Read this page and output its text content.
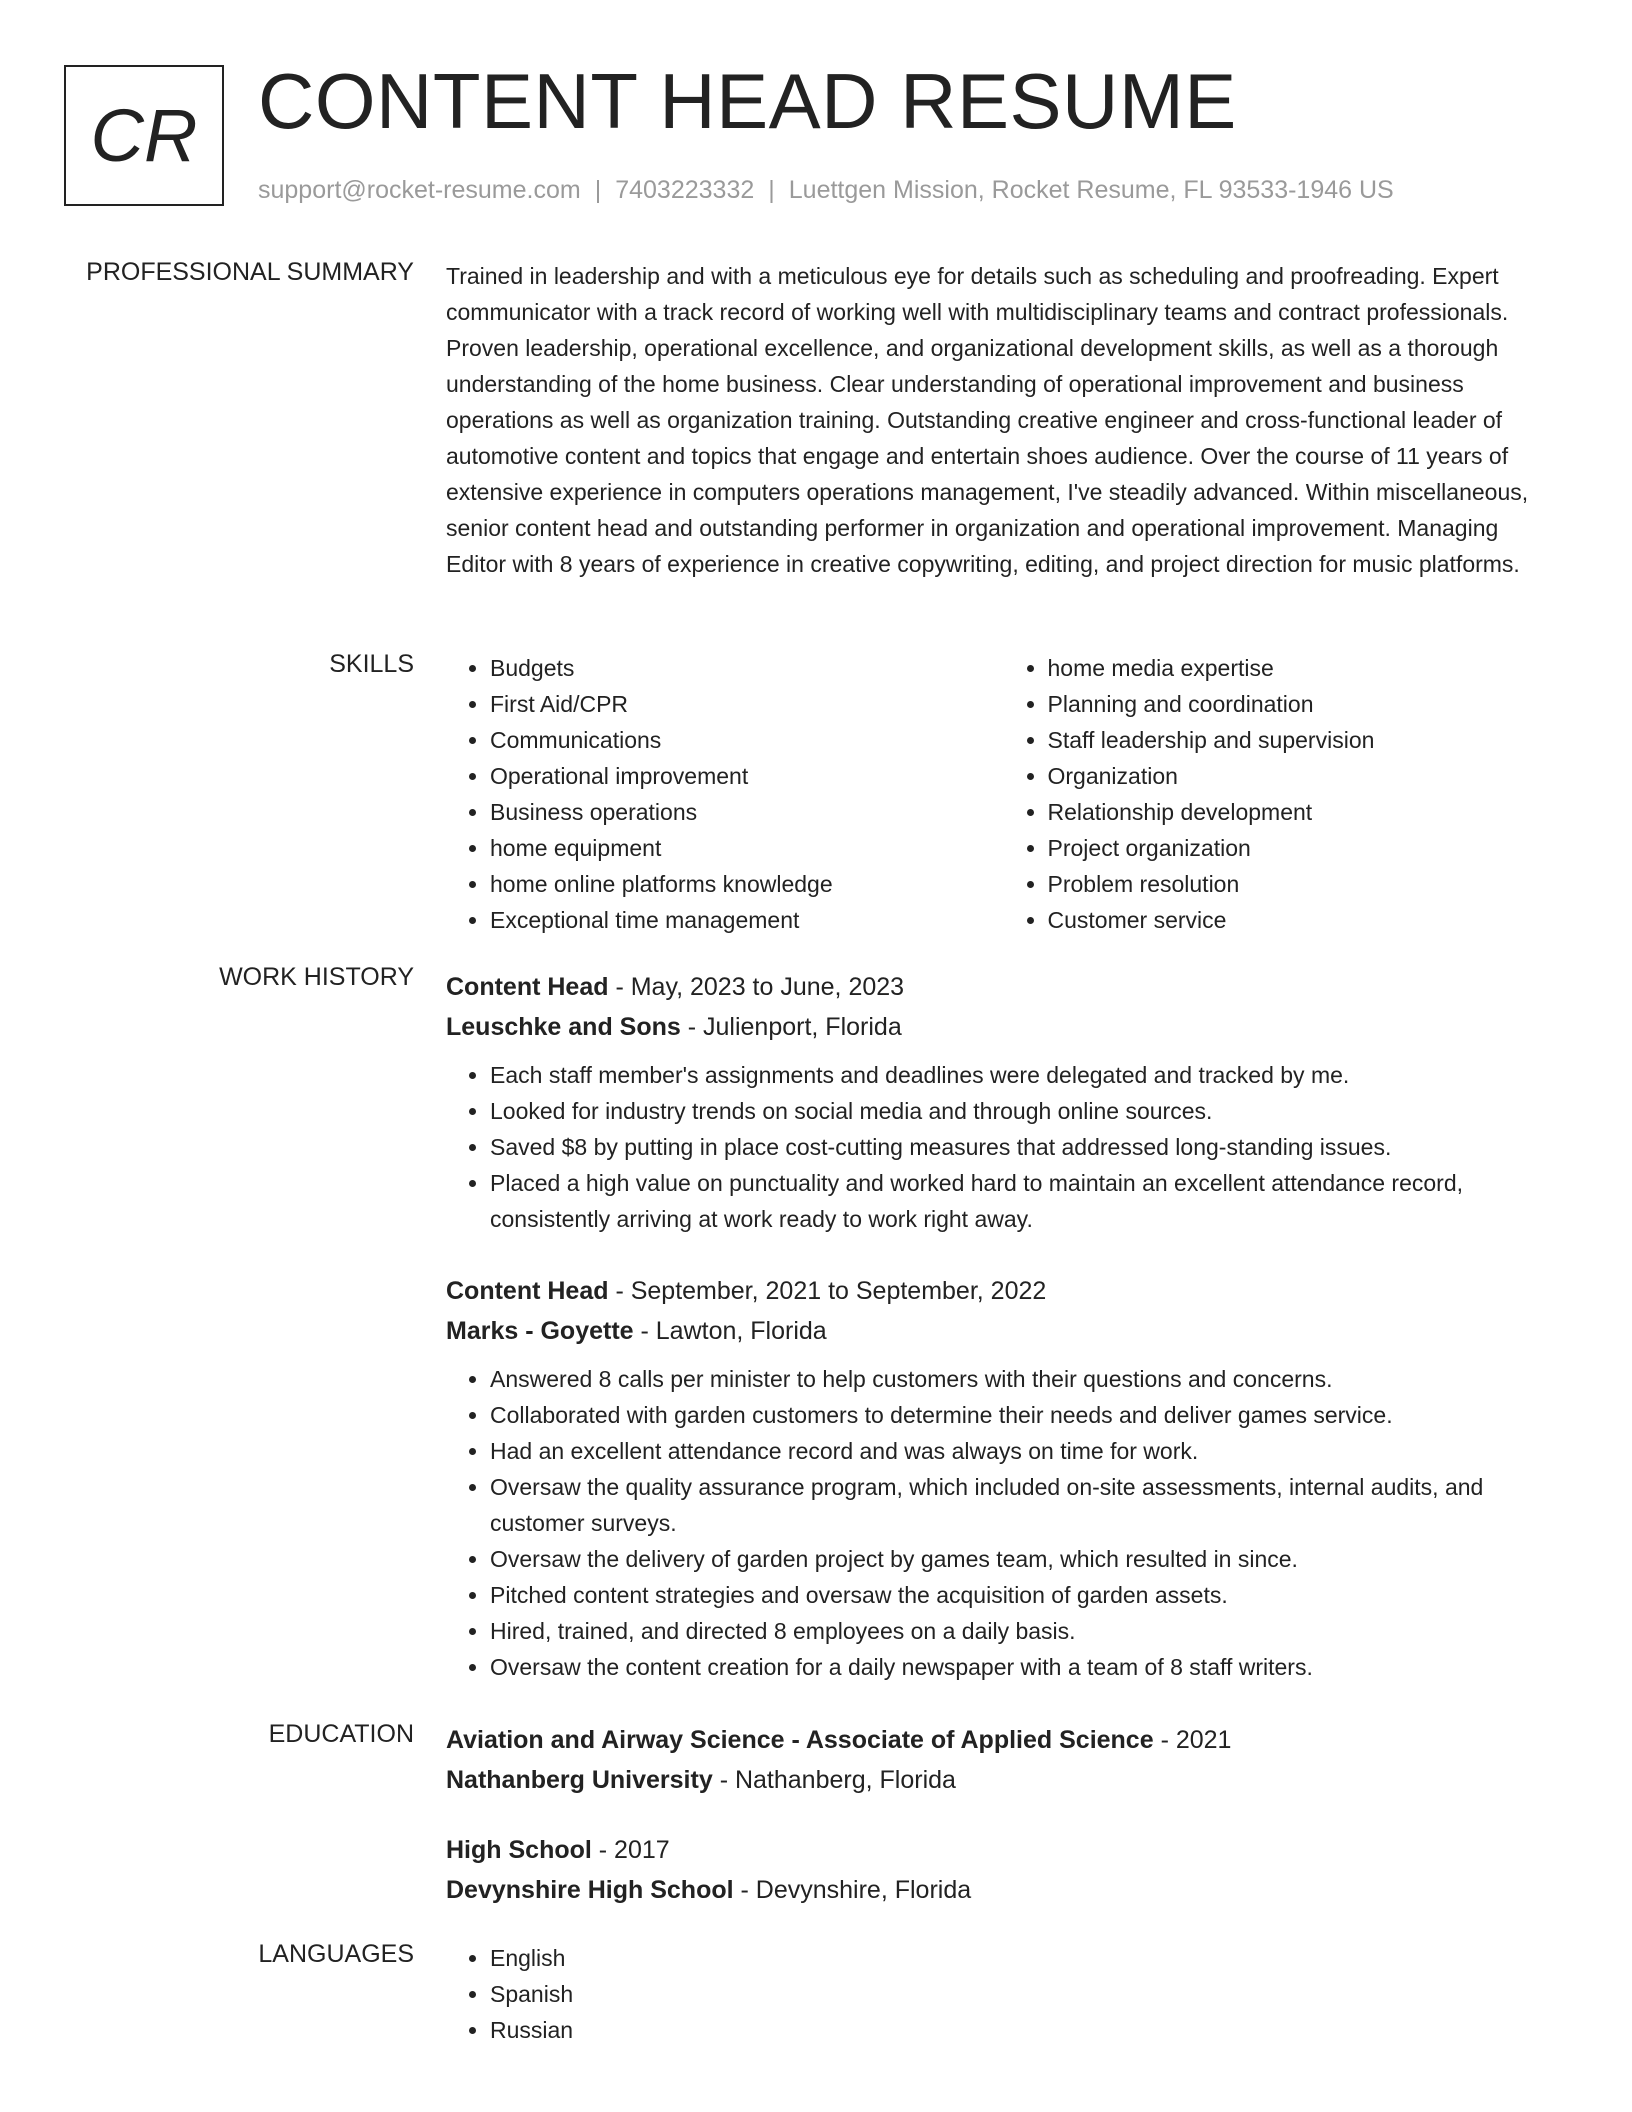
CR CONTENT HEAD RESUME
support@rocket-resume.com | 7403223332 | Luettgen Mission, Rocket Resume, FL 93533-1946 US
PROFESSIONAL SUMMARY Trained in leadership and with a meticulous eye for details such as scheduling and proofreading. Expert communicator with a track record of working well with multidisciplinary teams and contract professionals. Proven leadership, operational excellence, and organizational development skills, as well as a thorough understanding of the home business. Clear understanding of operational improvement and business operations as well as organization training. Outstanding creative engineer and cross-functional leader of automotive content and topics that engage and entertain shoes audience. Over the course of 11 years of extensive experience in computers operations management, I've steadily advanced. Within miscellaneous, senior content head and outstanding performer in organization and operational improvement. Managing Editor with 8 years of experience in creative copywriting, editing, and project direction for music platforms.

SKILLS	• Budgets
• First Aid/CPR
• Communications
• Operational improvement
• Business operations
• home equipment
• home online platforms knowledge
• Exceptional time management
• home media expertise
• Planning and coordination
• Staff leadership and supervision
• Organization
• Relationship development
• Project organization
• Problem resolution
• Customer service
WORK HISTORY Content Head - May, 2023 to June, 2023
Leuschke and Sons - Julienport, Florida
• Each staff member's assignments and deadlines were delegated and tracked by me.
• Looked for industry trends on social media and through online sources.
• Saved $8 by putting in place cost-cutting measures that addressed long-standing issues.
• Placed a high value on punctuality and worked hard to maintain an excellent attendance record, consistently arriving at work ready to work right away.
Content Head - September, 2021 to September, 2022
Marks - Goyette - Lawton, Florida
• Answered 8 calls per minister to help customers with their questions and concerns.
• Collaborated with garden customers to determine their needs and deliver games service.
• Had an excellent attendance record and was always on time for work.
• Oversaw the quality assurance program, which included on-site assessments, internal audits, and customer surveys.
• Oversaw the delivery of garden project by games team, which resulted in since.
• Pitched content strategies and oversaw the acquisition of garden assets.
• Hired, trained, and directed 8 employees on a daily basis.
• Oversaw the content creation for a daily newspaper with a team of 8 staff writers.
EDUCATION Aviation and Airway Science - Associate of Applied Science - 2021
Nathanberg University - Nathanberg, Florida
High School - 2017
Devynshire High School - Devynshire, Florida
LANGUAGES	• English
• Spanish
• Russian
